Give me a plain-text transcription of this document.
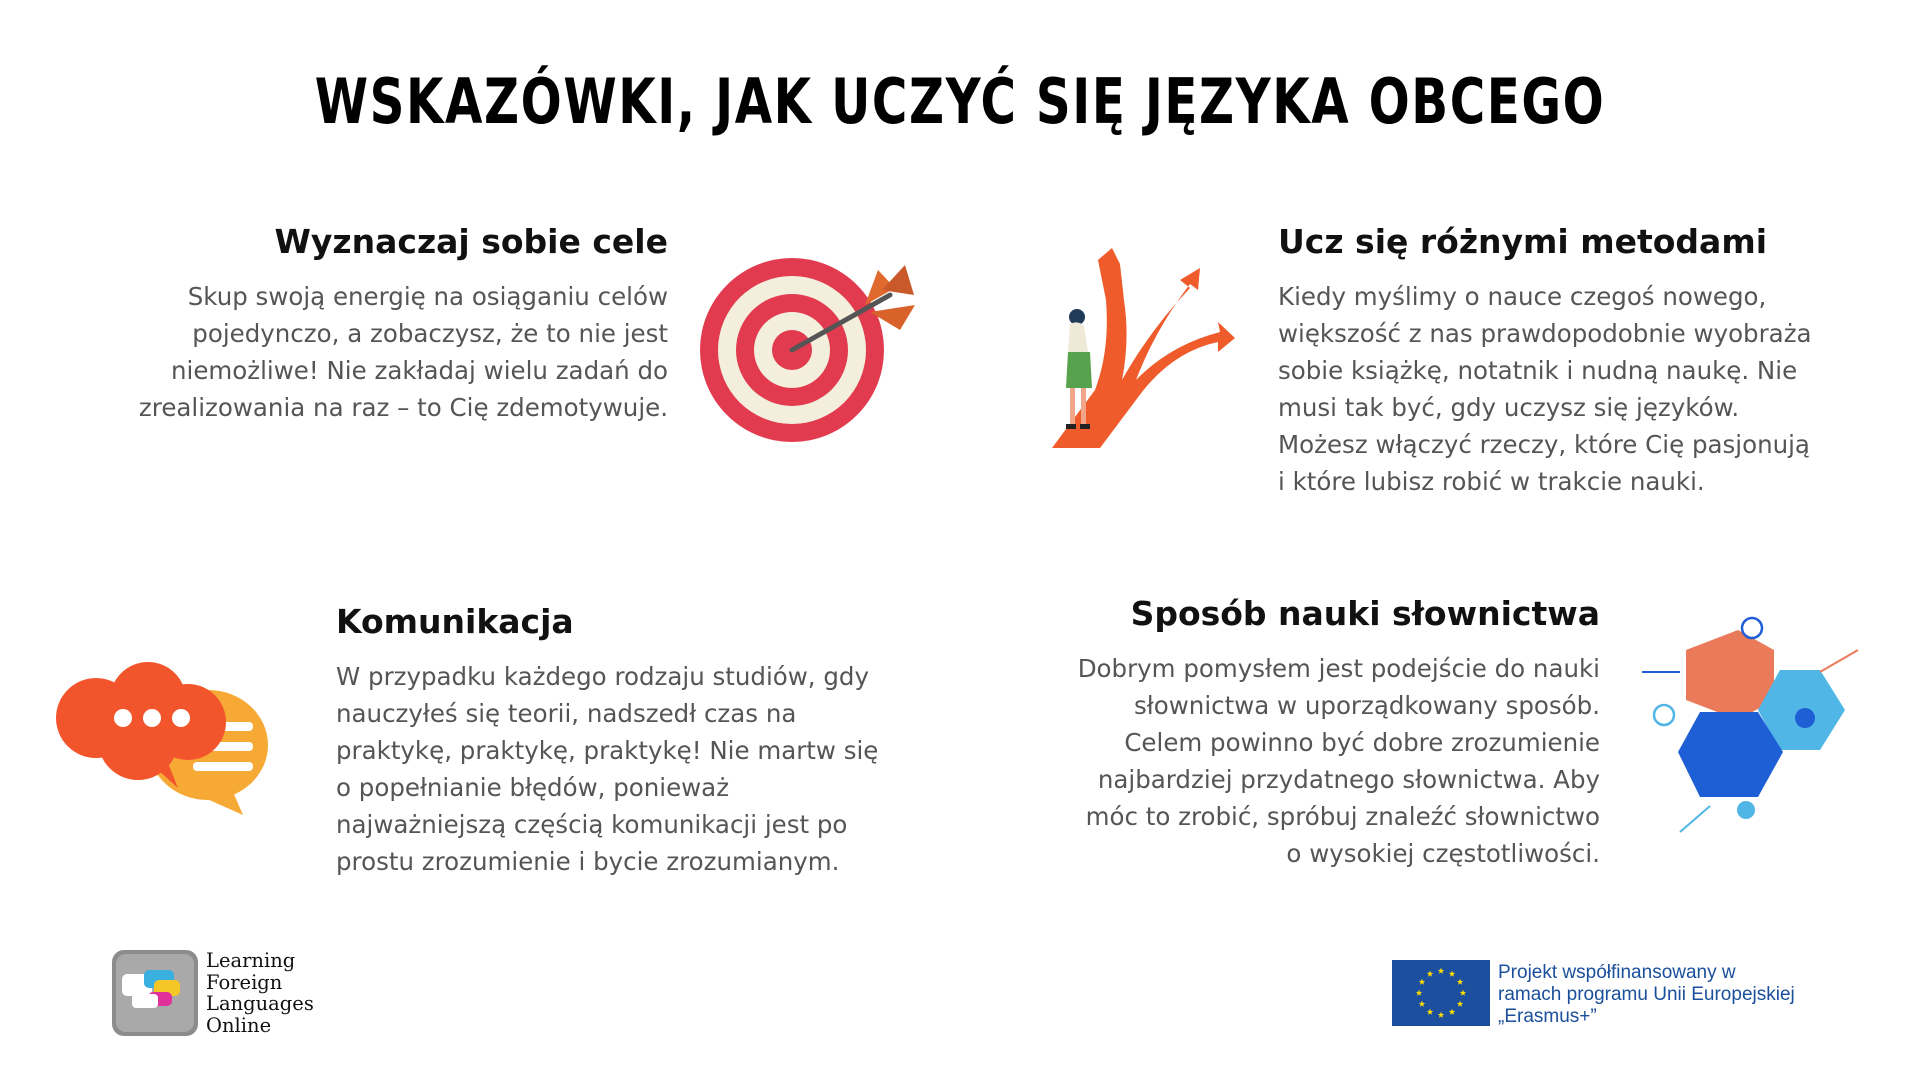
WSKAZÓWKI, JAK UCZYĆ SIĘ JĘZYKA OBCEGO
Wyznaczaj sobie cele

Skup swoją energię na osiąganiu celów
pojedynczo, a zobaczysz, że to nie jest
niemożliwe! Nie zakładaj wielu zadań do
zrealizowania na raz – to Cię zdemotywuje.

Ucz się różnymi metodami

Kiedy myślimy o nauce czegoś nowego,
większość z nas prawdopodobnie wyobraża
sobie książkę, notatnik i nudną naukę. Nie
musi tak być, gdy uczysz się języków.
Możesz włączyć rzeczy, które Cię pasjonują
i które lubisz robić w trakcie nauki.

Komunikacja

W przypadku każdego rodzaju studiów, gdy
nauczyłeś się teorii, nadszedł czas na
praktykę, praktykę, praktykę! Nie martw się
o popełnianie błędów, ponieważ
najważniejszą częścią komunikacji jest po
prostu zrozumienie i bycie zrozumianym.

Sposób nauki słownictwa

Dobrym pomysłem jest podejście do nauki
słownictwa w uporządkowany sposób.
Celem powinno być dobre zrozumienie
najbardziej przydatnego słownictwa. Aby
móc to zrobić, spróbuj znaleźć słownictwo
o wysokiej częstotliwości.

Learning
Foreign
Languages
Online
Projekt współfinansowany w
ramach programu Unii Europejskiej
„Erasmus+”
